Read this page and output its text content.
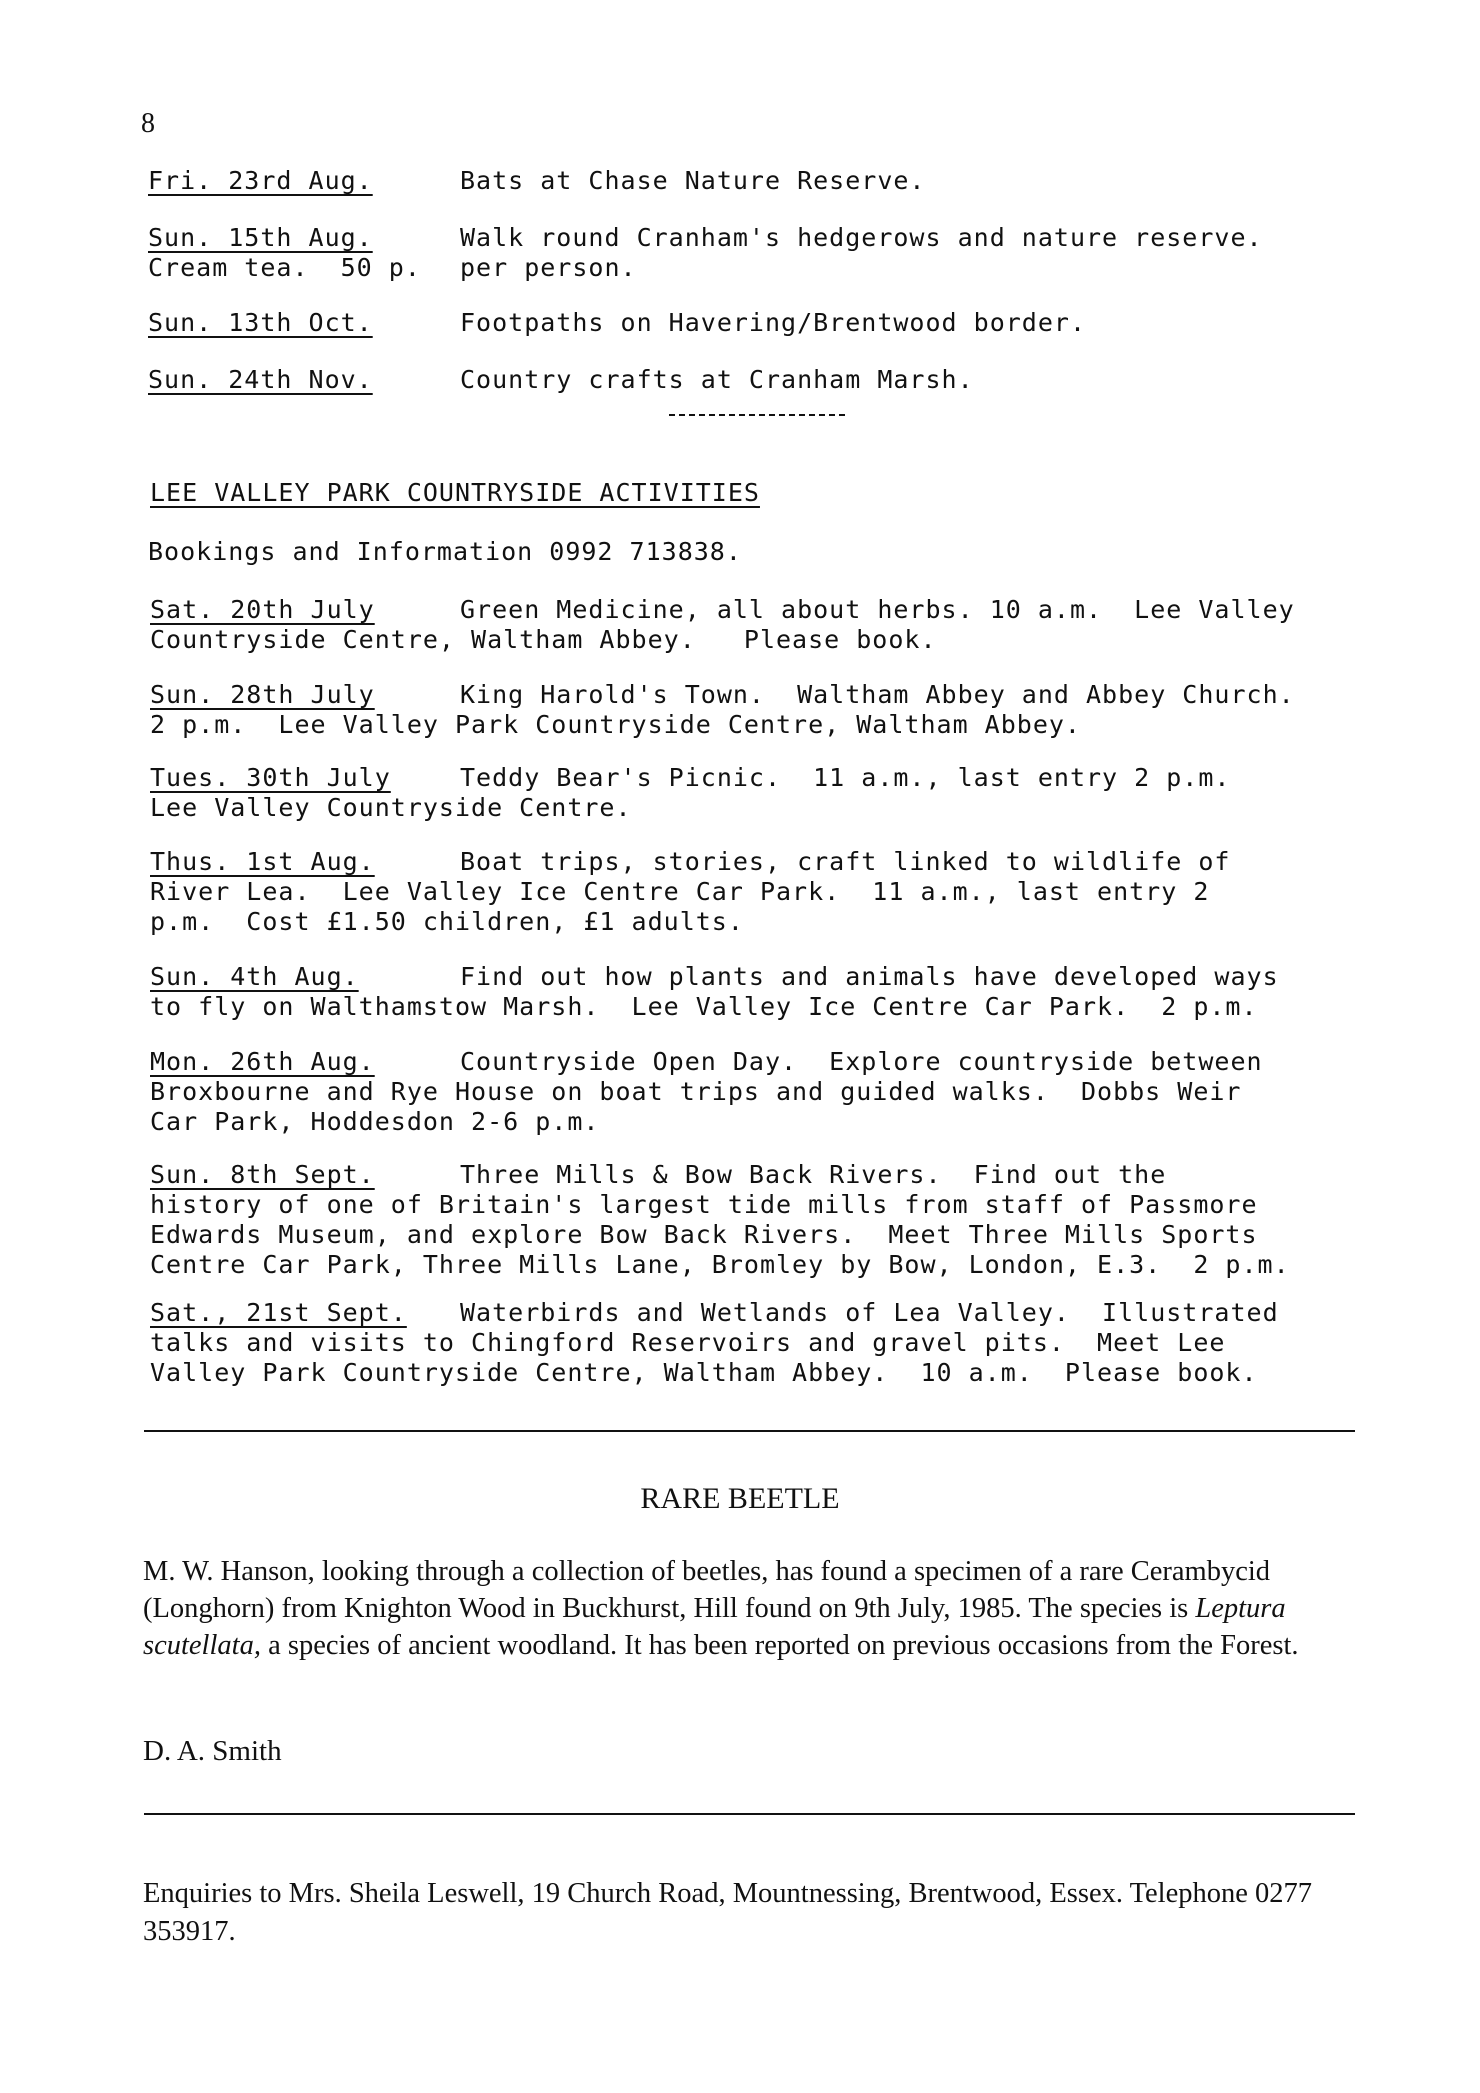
8
Fri. 23rd Aug.	Bats at Chase Nature Reserve.
Sun. 15th Aug.	Walk round Cranham's hedgerows and nature reserve.
Cream tea.  50 p. per person.
Sun. 13th Oct.	Footpaths on Havering/Brentwood border.
Sun. 24th Nov.	Country crafts at Cranham Marsh.
LEE VALLEY PARK COUNTRYSIDE ACTIVITIES
Bookings and Information 0992 713838.
Sat. 20th July	Green Medicine, all about herbs. 10 a.m.  Lee Valley
Countryside Centre, Waltham Abbey.   Please book.
Sun. 28th July	King Harold's Town.  Waltham Abbey and Abbey Church.
2 p.m.  Lee Valley Park Countryside Centre, Waltham Abbey.
Tues. 30th July	Teddy Bear's Picnic.  11 a.m., last entry 2 p.m.
Lee Valley Countryside Centre.
Thus. 1st Aug.	Boat trips, stories, craft linked to wildlife of
River Lea.  Lee Valley Ice Centre Car Park.  11 a.m., last entry 2
p.m.  Cost £1.50 children, £1 adults.
Sun. 4th Aug.	Find out how plants and animals have developed ways
to fly on Walthamstow Marsh.  Lee Valley Ice Centre Car Park.  2 p.m.
Mon. 26th Aug.	Countryside Open Day.  Explore countryside between
Broxbourne and Rye House on boat trips and guided walks.  Dobbs Weir
Car Park, Hoddesdon 2-6 p.m.
Sun. 8th Sept.	Three Mills & Bow Back Rivers.  Find out the
history of one of Britain's largest tide mills from staff of Passmore
Edwards Museum, and explore Bow Back Rivers.  Meet Three Mills Sports
Centre Car Park, Three Mills Lane, Bromley by Bow, London, E.3.  2 p.m.
Sat., 21st Sept. Waterbirds and Wetlands of Lea Valley.  Illustrated
talks and visits to Chingford Reservoirs and gravel pits.  Meet Lee
Valley Park Countryside Centre, Waltham Abbey.  10 a.m.  Please book.
RARE BEETLE
M. W. Hanson, looking through a collection of beetles, has found a specimen of a rare Cerambycid (Longhorn) from Knighton Wood in Buckhurst, Hill found on 9th July, 1985. The species is Leptura scutellata, a species of ancient woodland. It has been reported on previous occasions from the Forest.
D. A. Smith
Enquiries to Mrs. Sheila Leswell, 19 Church Road, Mountnessing, Brentwood, Essex. Telephone 0277 353917.
